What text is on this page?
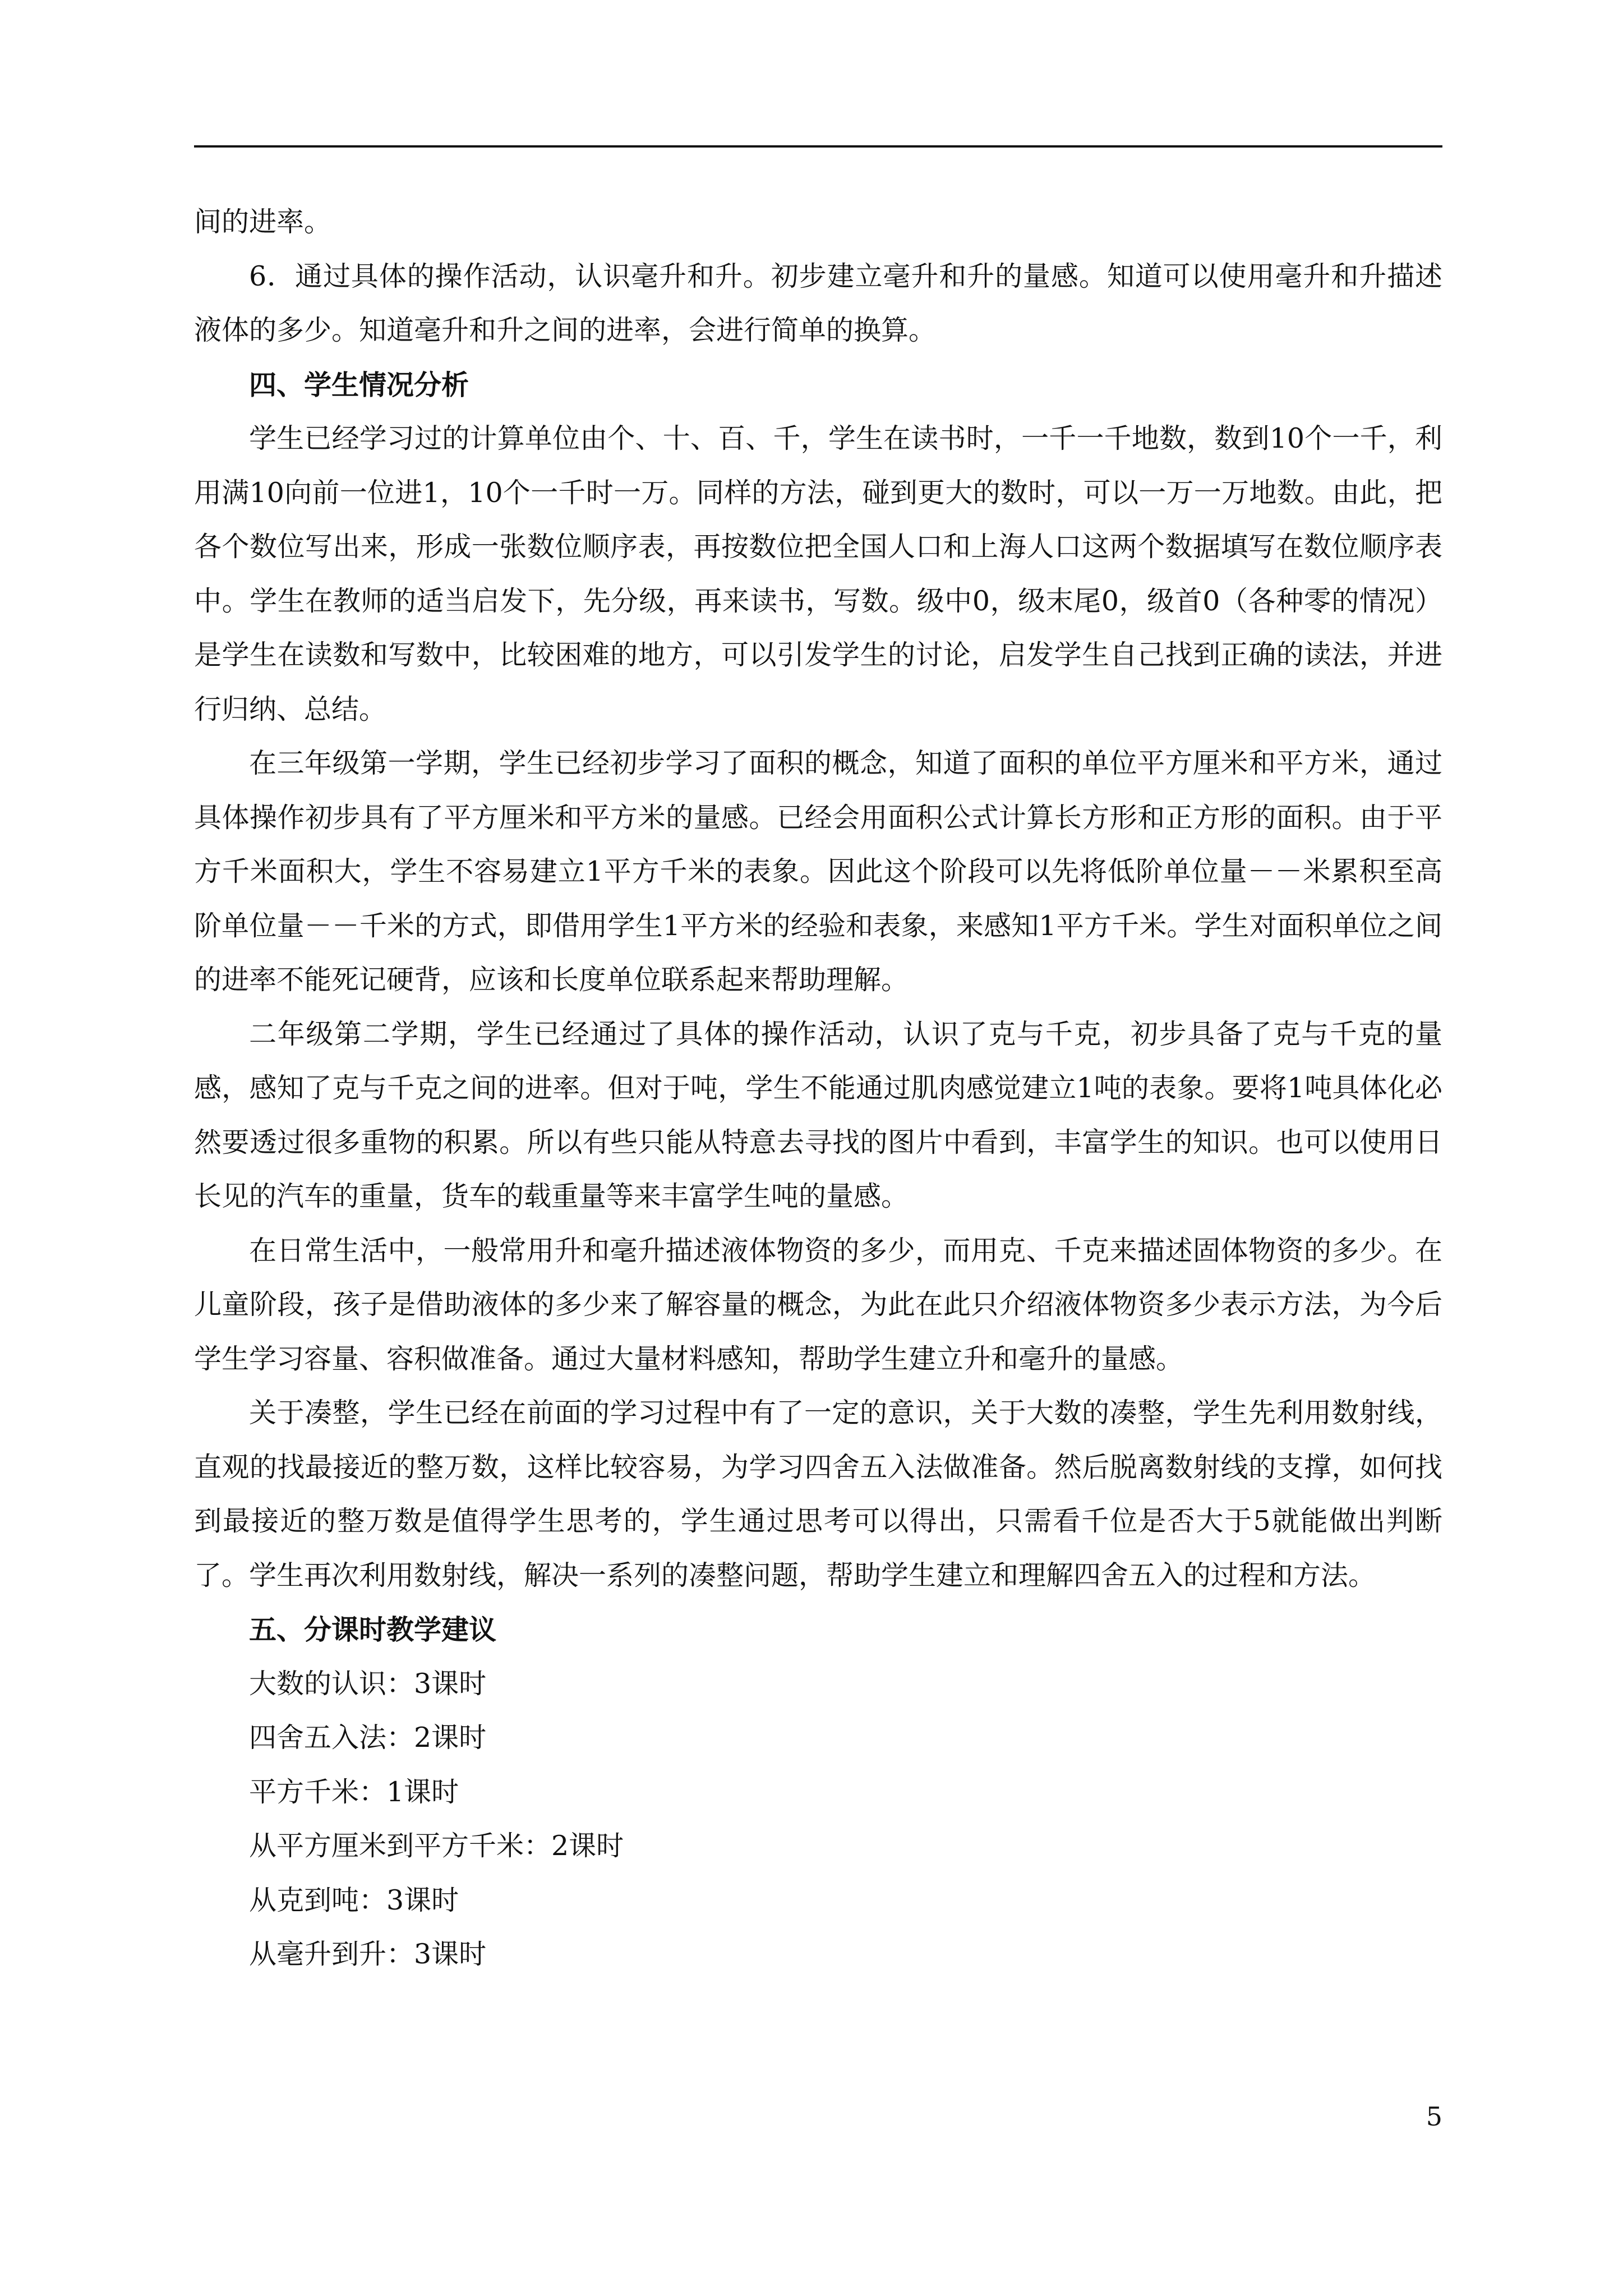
间的进率。

6．通过具体的操作活动，认识毫升和升。初步建立毫升和升的量感。知道可以使用毫升和升描述液体的多少。知道毫升和升之间的进率，会进行简单的换算。

四、学生情况分析

学生已经学习过的计算单位由个、十、百、千，学生在读书时，一千一千地数，数到10个一千，利用满10向前一位进1，10个一千时一万。同样的方法，碰到更大的数时，可以一万一万地数。由此，把各个数位写出来，形成一张数位顺序表，再按数位把全国人口和上海人口这两个数据填写在数位顺序表中。学生在教师的适当启发下，先分级，再来读书，写数。级中0，级末尾0，级首0（各种零的情况）是学生在读数和写数中，比较困难的地方，可以引发学生的讨论，启发学生自己找到正确的读法，并进行归纳、总结。

在三年级第一学期，学生已经初步学习了面积的概念，知道了面积的单位平方厘米和平方米，通过具体操作初步具有了平方厘米和平方米的量感。已经会用面积公式计算长方形和正方形的面积。由于平方千米面积大，学生不容易建立1平方千米的表象。因此这个阶段可以先将低阶单位量－－米累积至高阶单位量－－千米的方式，即借用学生1平方米的经验和表象，来感知1平方千米。学生对面积单位之间的进率不能死记硬背，应该和长度单位联系起来帮助理解。

二年级第二学期，学生已经通过了具体的操作活动，认识了克与千克，初步具备了克与千克的量感，感知了克与千克之间的进率。但对于吨，学生不能通过肌肉感觉建立1吨的表象。要将1吨具体化必然要透过很多重物的积累。所以有些只能从特意去寻找的图片中看到，丰富学生的知识。也可以使用日长见的汽车的重量，货车的载重量等来丰富学生吨的量感。

在日常生活中，一般常用升和毫升描述液体物资的多少，而用克、千克来描述固体物资的多少。在儿童阶段，孩子是借助液体的多少来了解容量的概念，为此在此只介绍液体物资多少表示方法，为今后学生学习容量、容积做准备。通过大量材料感知，帮助学生建立升和毫升的量感。

关于凑整，学生已经在前面的学习过程中有了一定的意识，关于大数的凑整，学生先利用数射线，直观的找最接近的整万数，这样比较容易，为学习四舍五入法做准备。然后脱离数射线的支撑，如何找到最接近的整万数是值得学生思考的，学生通过思考可以得出，只需看千位是否大于5就能做出判断了。学生再次利用数射线，解决一系列的凑整问题，帮助学生建立和理解四舍五入的过程和方法。

五、分课时教学建议

大数的认识：3课时

四舍五入法：2课时

平方千米：1课时

从平方厘米到平方千米：2课时

从克到吨：3课时

从毫升到升：3课时

5
